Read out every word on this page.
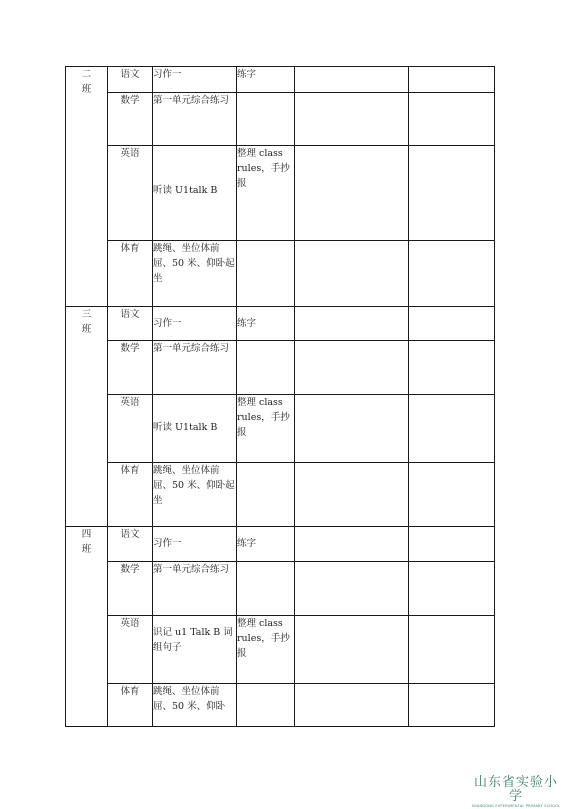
二
班	语文	习作一	练字		

	数学	第一单元综合练习			

	英语	听读 U1talk B	整理 class rules，手抄报		

	体育	跳绳、坐位体前屈、50 米、仰卧起坐			

三
班	语文	习作一	练字		

	数学	第一单元综合练习			

	英语	听读 U1talk B	整理 class rules，手抄报		

	体育	跳绳、坐位体前屈、50 米、仰卧起坐			

四
班	语文	习作一	练字		

	数学	第一单元综合练习			

	英语	识记 u1 Talk B 词组句子	整理 class rules，手抄报		

	体育	跳绳、坐位体前屈、50 米、仰卧			

山东省实验小学
SHANDONG EXPERIMENTAL PRIMARY SCHOOL
